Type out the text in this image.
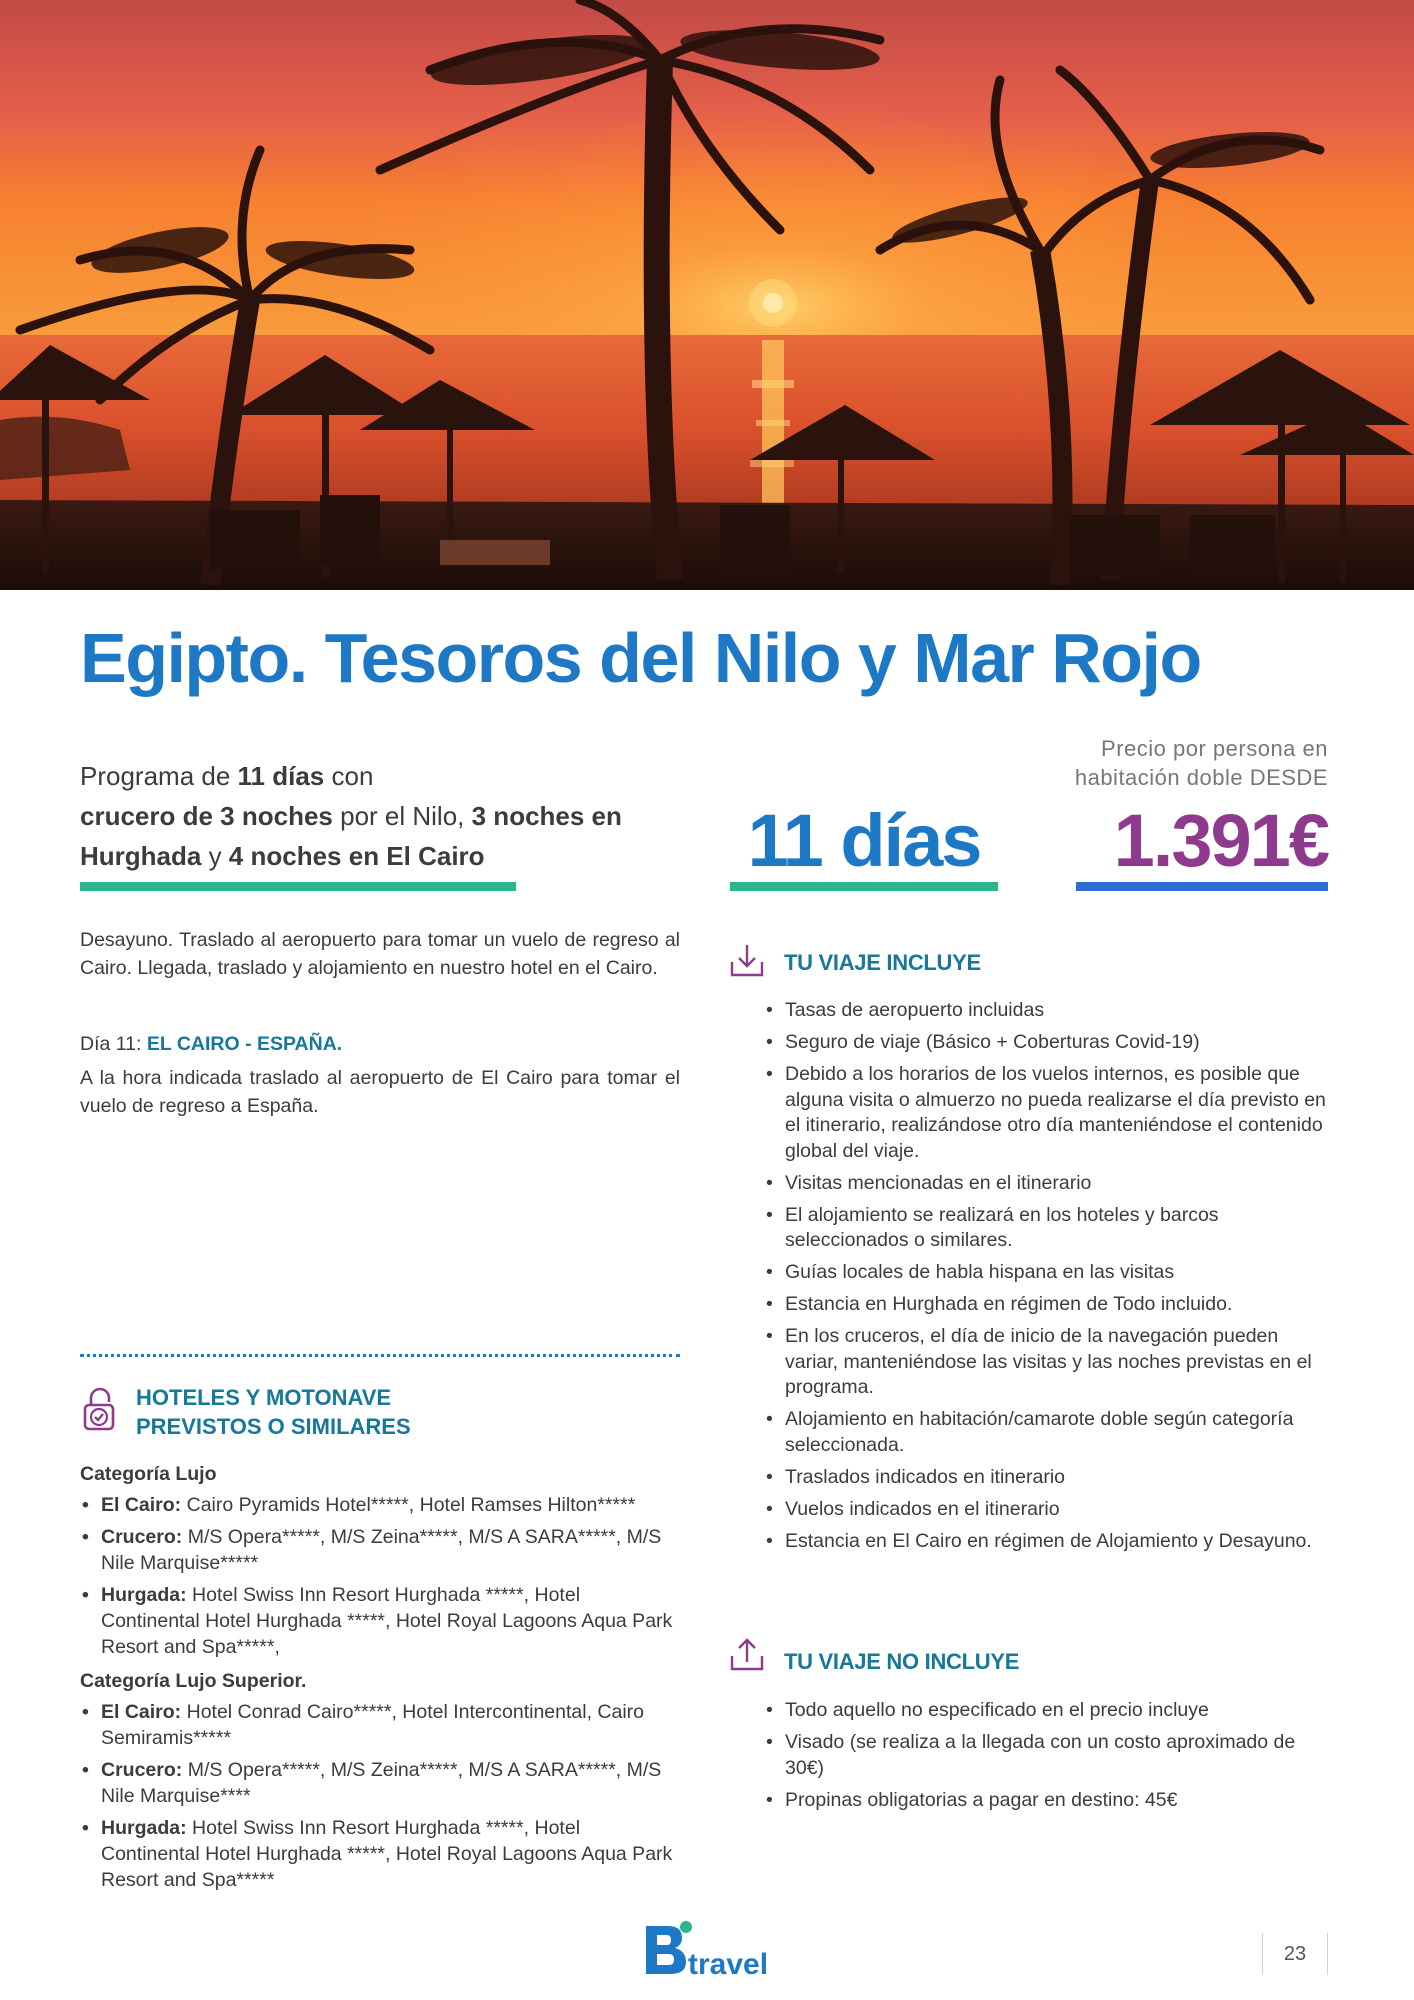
Egipto. Tesoros del Nilo y Mar Rojo
Programa de 11 días con
crucero de 3 noches por el Nilo, 3 noches en
Hurghada y 4 noches en El Cairo	11 días
Precio por persona en
habitación doble DESDE
1.391€

Desayuno. Traslado al aeropuerto para tomar un vuelo de regreso al Cairo. Llegada, traslado y alojamiento en nuestro hotel en el Cairo.

Día 11: EL CAIRO - ESPAÑA.

A la hora indicada traslado al aeropuerto de El Cairo para tomar el vuelo de regreso a España.

HOTELES Y MOTONAVE
PREVISTOS O SIMILARES
Categoría Lujo
• El Cairo: Cairo Pyramids Hotel*****, Hotel Ramses Hilton*****
• Crucero: M/S Opera*****, M/S Zeina*****, M/S A SARA*****, M/S Nile Marquise*****
• Hurgada: Hotel Swiss Inn Resort Hurghada *****, Hotel Continental Hotel Hurghada *****, Hotel Royal Lagoons Aqua Park Resort and Spa*****,
Categoría Lujo Superior.
• El Cairo: Hotel Conrad Cairo*****, Hotel Intercontinental, Cairo Semiramis*****
• Crucero: M/S Opera*****, M/S Zeina*****, M/S A SARA*****, M/S Nile Marquise****
• Hurgada: Hotel Swiss Inn Resort Hurghada *****, Hotel Continental Hotel Hurghada *****, Hotel Royal Lagoons Aqua Park Resort and Spa*****
TU VIAJE INCLUYE
• Tasas de aeropuerto incluidas
• Seguro de viaje (Básico + Coberturas Covid-19)
• Debido a los horarios de los vuelos internos, es posible que alguna visita o almuerzo no pueda realizarse el día previsto en el itinerario, realizándose otro día manteniéndose el contenido global del viaje.
• Visitas mencionadas en el itinerario
• El alojamiento se realizará en los hoteles y barcos seleccionados o similares.
• Guías locales de habla hispana en las visitas
• Estancia en Hurghada en régimen de Todo incluido.
• En los cruceros, el día de inicio de la navegación pueden variar, manteniéndose las visitas y las noches previstas en el programa.
• Alojamiento en habitación/camarote doble según categoría seleccionada.
• Traslados indicados en itinerario
• Vuelos indicados en el itinerario
• Estancia en El Cairo en régimen de Alojamiento y Desayuno.
TU VIAJE NO INCLUYE
• Todo aquello no especificado en el precio incluye
• Visado (se realiza a la llegada con un costo aproximado de 30€)
• Propinas obligatorias a pagar en destino: 45€
travel	23
